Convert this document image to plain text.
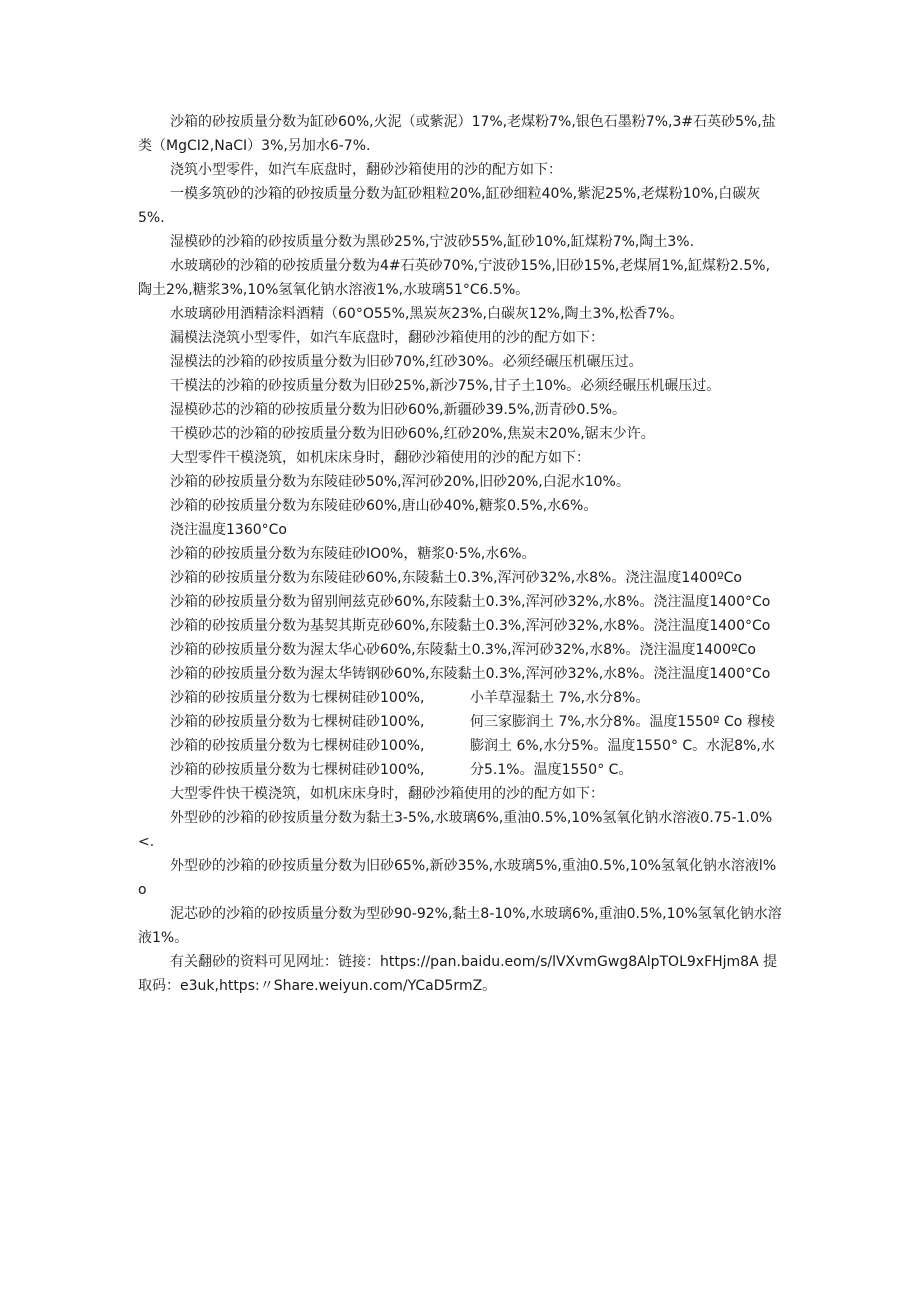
沙箱的砂按质量分数为缸砂60%,火泥（或紫泥）17%,老煤粉7%,银色石墨粉7%,3#石英砂5%,盐类（MgCI2,NaCI）3%,另加水6-7%.

浇筑小型零件，如汽车底盘时，翻砂沙箱使用的沙的配方如下：

一模多筑砂的沙箱的砂按质量分数为缸砂粗粒20%,缸砂细粒40%,紫泥25%,老煤粉10%,白碳灰5%.

湿模砂的沙箱的砂按质量分数为黑砂25%,宁波砂55%,缸砂10%,缸煤粉7%,陶土3%.

水玻璃砂的沙箱的砂按质量分数为4#石英砂70%,宁波砂15%,旧砂15%,老煤屑1%,缸煤粉2.5%,陶土2%,糖浆3%,10%氢氧化钠水溶液1%,水玻璃51°C6.5%。

水玻璃砂用酒精涂料酒精（60°O55%,黑炭灰23%,白碳灰12%,陶土3%,松香7%。

漏模法浇筑小型零件，如汽车底盘时，翻砂沙箱使用的沙的配方如下：

湿模法的沙箱的砂按质量分数为旧砂70%,红砂30%。必须经碾压机碾压过。

干模法的沙箱的砂按质量分数为旧砂25%,新沙75%,甘子土10%。必须经碾压机碾压过。

湿模砂芯的沙箱的砂按质量分数为旧砂60%,新疆砂39.5%,沥青砂0.5%。

干模砂芯的沙箱的砂按质量分数为旧砂60%,红砂20%,焦炭末20%,锯末少许。

大型零件干模浇筑，如机床床身时，翻砂沙箱使用的沙的配方如下：

沙箱的砂按质量分数为东陵硅砂50%,浑河砂20%,旧砂20%,白泥水10%。

沙箱的砂按质量分数为东陵硅砂60%,唐山砂40%,糖浆0.5%,水6%。

浇注温度1360°Co

沙箱的砂按质量分数为东陵硅砂IO0%，糖浆0·5%,水6%。

沙箱的砂按质量分数为东陵硅砂60%,东陵黏土0.3%,浑河砂32%,水8%。浇注温度1400ºCo

沙箱的砂按质量分数为留别闸兹克砂60%,东陵黏土0.3%,浑河砂32%,水8%。浇注温度1400°Co

沙箱的砂按质量分数为基契其斯克砂60%,东陵黏土0.3%,浑河砂32%,水8%。浇注温度1400°Co

沙箱的砂按质量分数为渥太华心砂60%,东陵黏土0.3%,浑河砂32%,水8%。浇注温度1400ºCo

沙箱的砂按质量分数为渥太华铸钢砂60%,东陵黏土0.3%,浑河砂32%,水8%。浇注温度1400°Co

沙箱的砂按质量分数为七棵树硅砂100%,	小羊草湿黏土 7%,水分8%。
沙箱的砂按质量分数为七棵树硅砂100%,	何三家膨润土 7%,水分8%。温度1550º Co 穆棱
沙箱的砂按质量分数为七棵树硅砂100%,	膨润土 6%,水分5%。温度1550° C。水泥8%,水
沙箱的砂按质量分数为七棵树硅砂100%,	分5.1%。温度1550° C。

大型零件快干模浇筑，如机床床身时，翻砂沙箱使用的沙的配方如下：

外型砂的沙箱的砂按质量分数为黏土3-5%,水玻璃6%,重油0.5%,10%氢氧化钠水溶液0.75-1.0%<.

外型砂的沙箱的砂按质量分数为旧砂65%,新砂35%,水玻璃5%,重油0.5%,10%氢氧化钠水溶液l%o

泥芯砂的沙箱的砂按质量分数为型砂90-92%,黏土8-10%,水玻璃6%,重油0.5%,10%氢氧化钠水溶液1%。

有关翻砂的资料可见网址：链接：https://pan.baidu.eom/s/lVXvmGwg8AlpTOL9xFHjm8A 提取码：e3uk,https:〃Share.weiyun.com/YCaD5rmZ。
